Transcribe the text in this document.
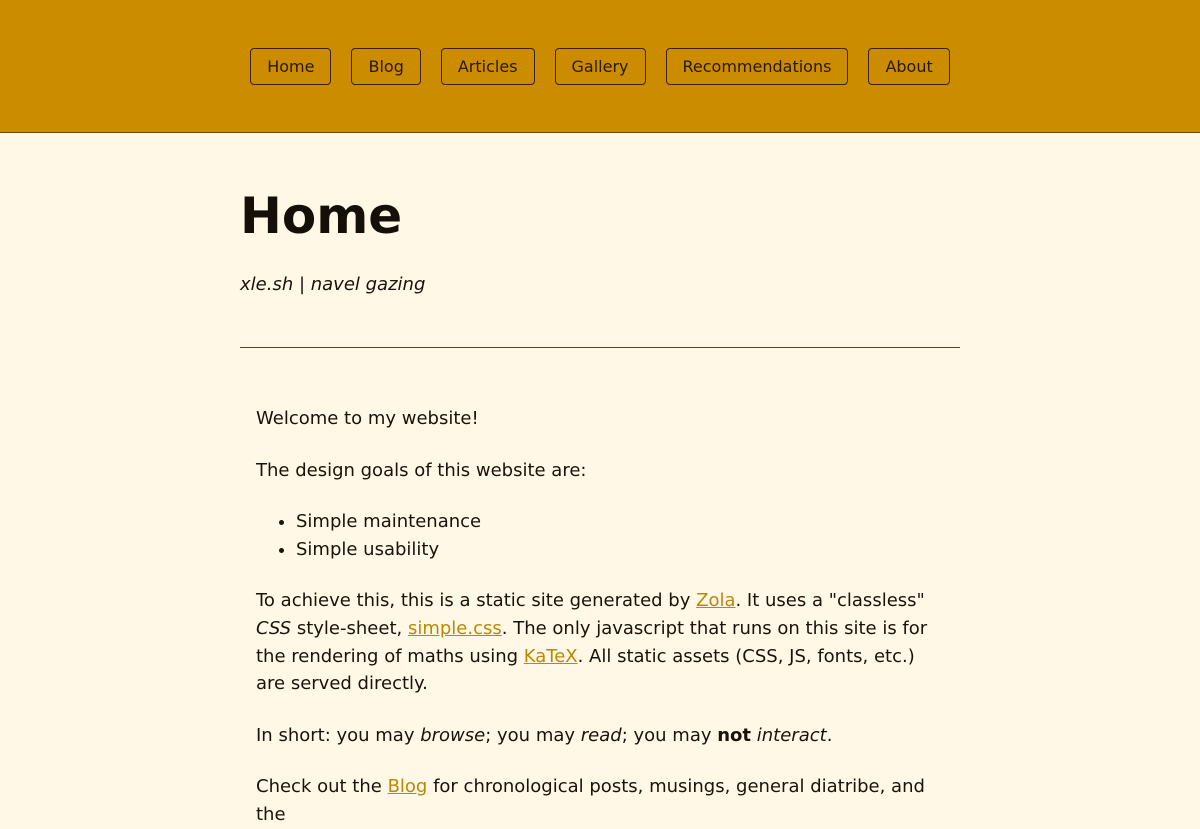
Home	Blog	Articles	Gallery	Recommendations	About
Home

xle.sh | navel gazing

Welcome to my website!

The design goals of this website are:

• Simple maintenance
• Simple usability

To achieve this, this is a static site generated by Zola. It uses a "classless" CSS style-sheet, simple.css. The only javascript that runs on this site is for the rendering of maths using KaTeX. All static assets (CSS, JS, fonts, etc.) are served directly.

In short: you may browse; you may read; you may not interact.

Check out the Blog for chronological posts, musings, general diatribe, and the
